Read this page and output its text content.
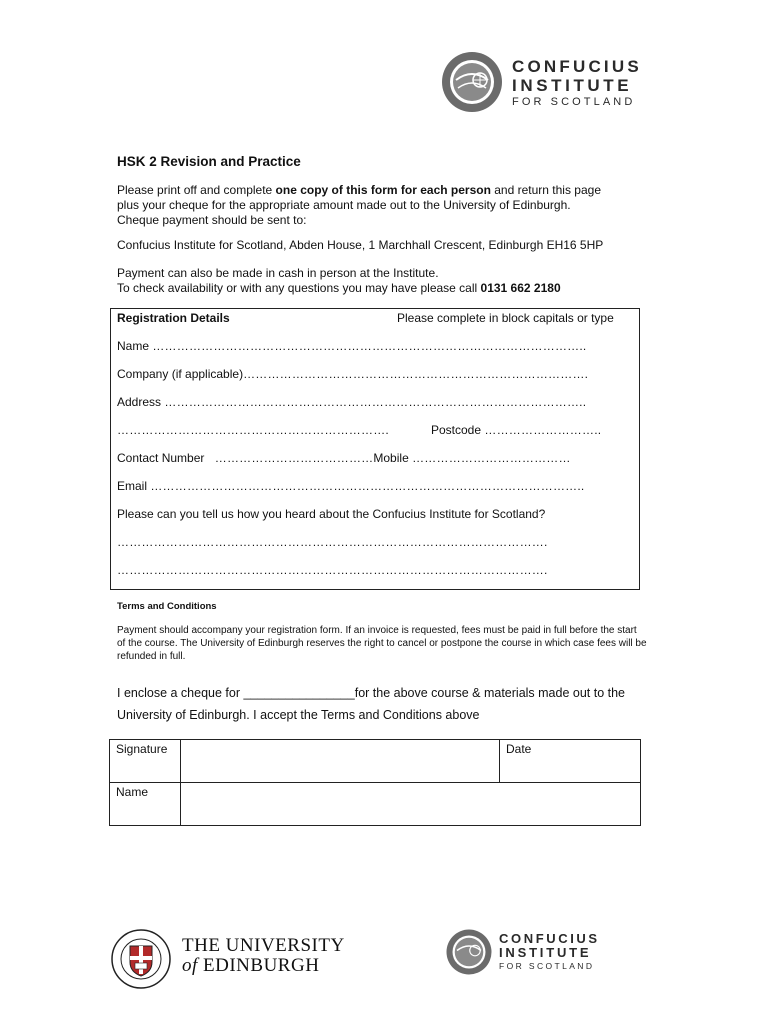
CONFUCIUS
INSTITUTE
FOR SCOTLAND
HSK 2 Revision and Practice
Please print off and complete one copy of this form for each person and return this page
plus your cheque for the appropriate amount made out to the University of Edinburgh.
Cheque payment should be sent to:
Confucius Institute for Scotland, Abden House, 1 Marchhall Crescent, Edinburgh EH16 5HP
Payment can also be made in cash in person at the Institute.
To check availability or with any questions you may have please call 0131 662 2180
Registration Details	Please complete in block capitals or type
Name ……………………………………………………………………………………………..
Company (if applicable)………………………………………………………………………….
Address …………………………………………………………………………………………..
………………………………………………………….	Postcode ………………………..
Contact Number   …………………………………Mobile …………………………………
Email ……………………………………………………………………………………………..
Please can you tell us how you heard about the Confucius Institute for Scotland?
…………………………………………………………………………………………….
…………………………………………………………………………………………….
Terms and Conditions
Payment should accompany your registration form. If an invoice is requested, fees must be paid in full before the start of the course. The University of Edinburgh reserves the right to cancel or postpone the course in which case fees will be refunded in full.
I enclose a cheque for ________________for the above course & materials made out to the
University of Edinburgh. I accept the Terms and Conditions above
Signature		Date
Name		
THE UNIVERSITY
of EDINBURGH
CONFUCIUS
INSTITUTE
FOR SCOTLAND
